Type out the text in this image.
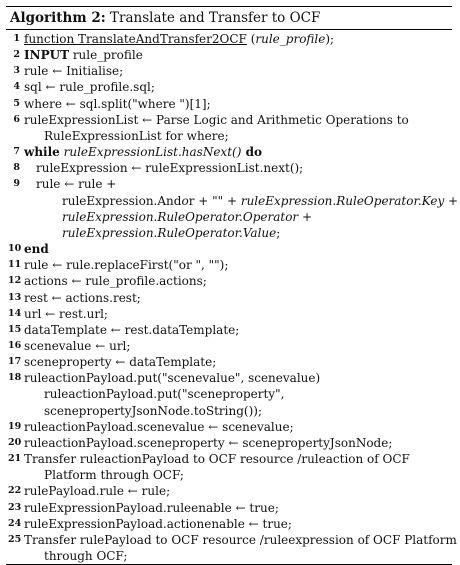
Algorithm 2: Translate and Transfer to OCF
1 function TranslateAndTransfer2OCF (rule_profile);
2 INPUT rule_profile
3 rule ← Initialise;
4 sql ← rule_profile.sql;
5 where ← sql.split("where ")[1];
6 ruleExpressionList ← Parse Logic and Arithmetic Operations to
RuleExpressionList for where;
7 while ruleExpressionList.hasNext() do
8 ruleExpression ← ruleExpressionList.next();
9 rule ← rule +
ruleExpression.Andor + "" + ruleExpression.RuleOperator.Key +
ruleExpression.RuleOperator.Operator +
ruleExpression.RuleOperator.Value;
10 end
11 rule ← rule.replaceFirst("or ", "");
12 actions ← rule_profile.actions;
13 rest ← actions.rest;
14 url ← rest.url;
15 dataTemplate ← rest.dataTemplate;
16 scenevalue ← url;
17 sceneproperty ← dataTemplate;
18 ruleactionPayload.put("scenevalue", scenevalue)
ruleactionPayload.put("sceneproperty",
scenepropertyJsonNode.toString());
19 ruleactionPayload.scenevalue ← scenevalue;
20 ruleactionPayload.sceneproperty ← scenepropertyJsonNode;
21 Transfer ruleactionPayload to OCF resource /ruleaction of OCF
Platform through OCF;
22 rulePayload.rule ← rule;
23 ruleExpressionPayload.ruleenable ← true;
24 ruleExpressionPayload.actionenable ← true;
25 Transfer rulePayload to OCF resource /ruleexpression of OCF Platform
through OCF;
